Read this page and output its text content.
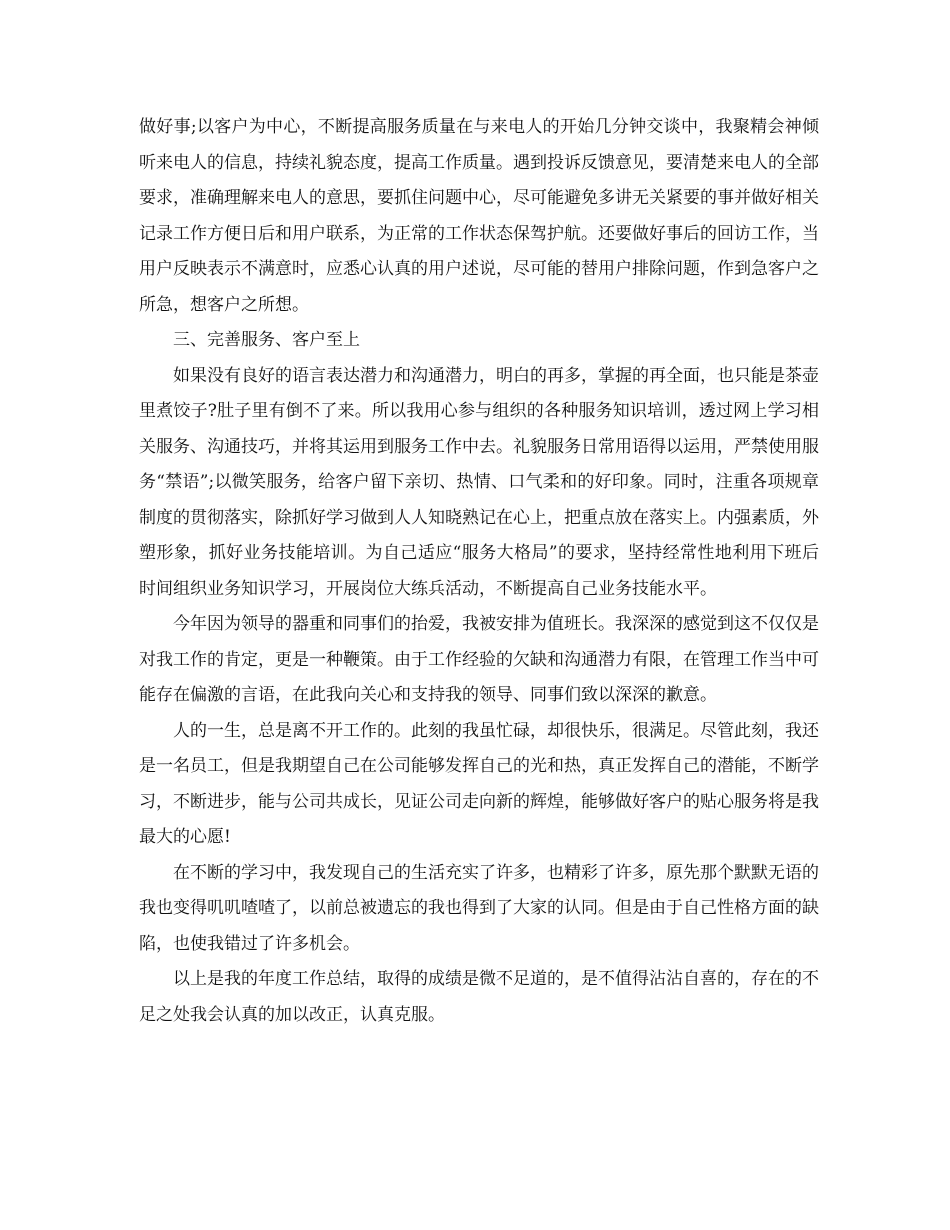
做好事;以客户为中心，不断提高服务质量在与来电人的开始几分钟交谈中，我聚精会神倾听来电人的信息，持续礼貌态度，提高工作质量。遇到投诉反馈意见，要清楚来电人的全部要求，准确理解来电人的意思，要抓住问题中心，尽可能避免多讲无关紧要的事并做好相关记录工作方便日后和用户联系，为正常的工作状态保驾护航。还要做好事后的回访工作，当用户反映表示不满意时，应悉心认真的用户述说，尽可能的替用户排除问题，作到急客户之所急，想客户之所想。

三、完善服务、客户至上

如果没有良好的语言表达潜力和沟通潜力，明白的再多，掌握的再全面，也只能是茶壶里煮饺子?肚子里有倒不了来。所以我用心参与组织的各种服务知识培训，透过网上学习相关服务、沟通技巧，并将其运用到服务工作中去。礼貌服务日常用语得以运用，严禁使用服务“禁语”;以微笑服务，给客户留下亲切、热情、口气柔和的好印象。同时，注重各项规章制度的贯彻落实，除抓好学习做到人人知晓熟记在心上，把重点放在落实上。内强素质，外塑形象，抓好业务技能培训。为自己适应“服务大格局”的要求，坚持经常性地利用下班后时间组织业务知识学习，开展岗位大练兵活动，不断提高自己业务技能水平。

今年因为领导的器重和同事们的抬爱，我被安排为值班长。我深深的感觉到这不仅仅是对我工作的肯定，更是一种鞭策。由于工作经验的欠缺和沟通潜力有限，在管理工作当中可能存在偏激的言语，在此我向关心和支持我的领导、同事们致以深深的歉意。

人的一生，总是离不开工作的。此刻的我虽忙碌，却很快乐，很满足。尽管此刻，我还是一名员工，但是我期望自己在公司能够发挥自己的光和热，真正发挥自己的潜能，不断学习，不断进步，能与公司共成长，见证公司走向新的辉煌，能够做好客户的贴心服务将是我最大的心愿!

在不断的学习中，我发现自己的生活充实了许多，也精彩了许多，原先那个默默无语的我也变得叽叽喳喳了，以前总被遗忘的我也得到了大家的认同。但是由于自己性格方面的缺陷，也使我错过了许多机会。

以上是我的年度工作总结，取得的成绩是微不足道的，是不值得沾沾自喜的，存在的不足之处我会认真的加以改正，认真克服。
